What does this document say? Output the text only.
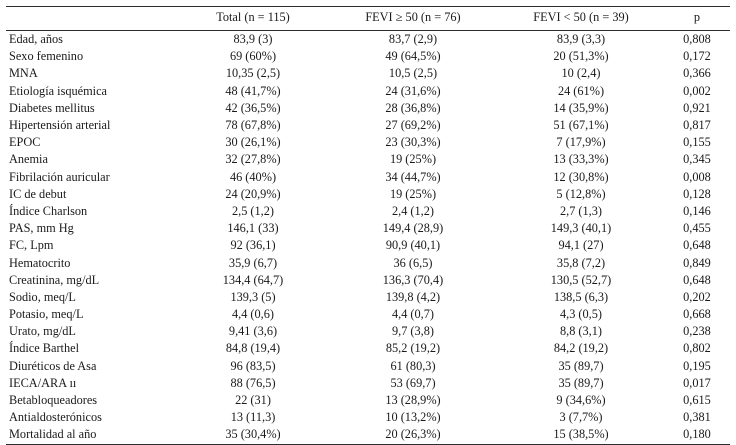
	Total (n = 115)	FEVI ≥ 50 (n = 76)	FEVI < 50 (n = 39)	p
Edad, años	83,9 (3)	83,7 (2,9)	83,9 (3,3)	0,808
Sexo femenino	69 (60%)	49 (64,5%)	20 (51,3%)	0,172
MNA	10,35 (2,5)	10,5 (2,5)	10 (2,4)	0,366
Etiología isquémica	48 (41,7%)	24 (31,6%)	24 (61%)	0,002
Diabetes mellitus	42 (36,5%)	28 (36,8%)	14 (35,9%)	0,921
Hipertensión arterial	78 (67,8%)	27 (69,2%)	51 (67,1%)	0,817
EPOC	30 (26,1%)	23 (30,3%)	7 (17,9%)	0,155
Anemia	32 (27,8%)	19 (25%)	13 (33,3%)	0,345
Fibrilación auricular	46 (40%)	34 (44,7%)	12 (30,8%)	0,008
IC de debut	24 (20,9%)	19 (25%)	5 (12,8%)	0,128
Índice Charlson	2,5 (1,2)	2,4 (1,2)	2,7 (1,3)	0,146
PAS, mm Hg	146,1 (33)	149,4 (28,9)	149,3 (40,1)	0,455
FC, Lpm	92 (36,1)	90,9 (40,1)	94,1 (27)	0,648
Hematocrito	35,9 (6,7)	36 (6,5)	35,8 (7,2)	0,849
Creatinina, mg/dL	134,4 (64,7)	136,3 (70,4)	130,5 (52,7)	0,648
Sodio, meq/L	139,3 (5)	139,8 (4,2)	138,5 (6,3)	0,202
Potasio, meq/L	4,4 (0,6)	4,4 (0,7)	4,3 (0,5)	0,668
Urato, mg/dL	9,41 (3,6)	9,7 (3,8)	8,8 (3,1)	0,238
Índice Barthel	84,8 (19,4)	85,2 (19,2)	84,2 (19,2)	0,802
Diuréticos de Asa	96 (83,5)	61 (80,3)	35 (89,7)	0,195
IECA/ARA ıı	88 (76,5)	53 (69,7)	35 (89,7)	0,017
Betabloqueadores	22 (31)	13 (28,9%)	9 (34,6%)	0,615
Antialdosterónicos	13 (11,3)	10 (13,2%)	3 (7,7%)	0,381
Mortalidad al año	35 (30,4%)	20 (26,3%)	15 (38,5%)	0,180
